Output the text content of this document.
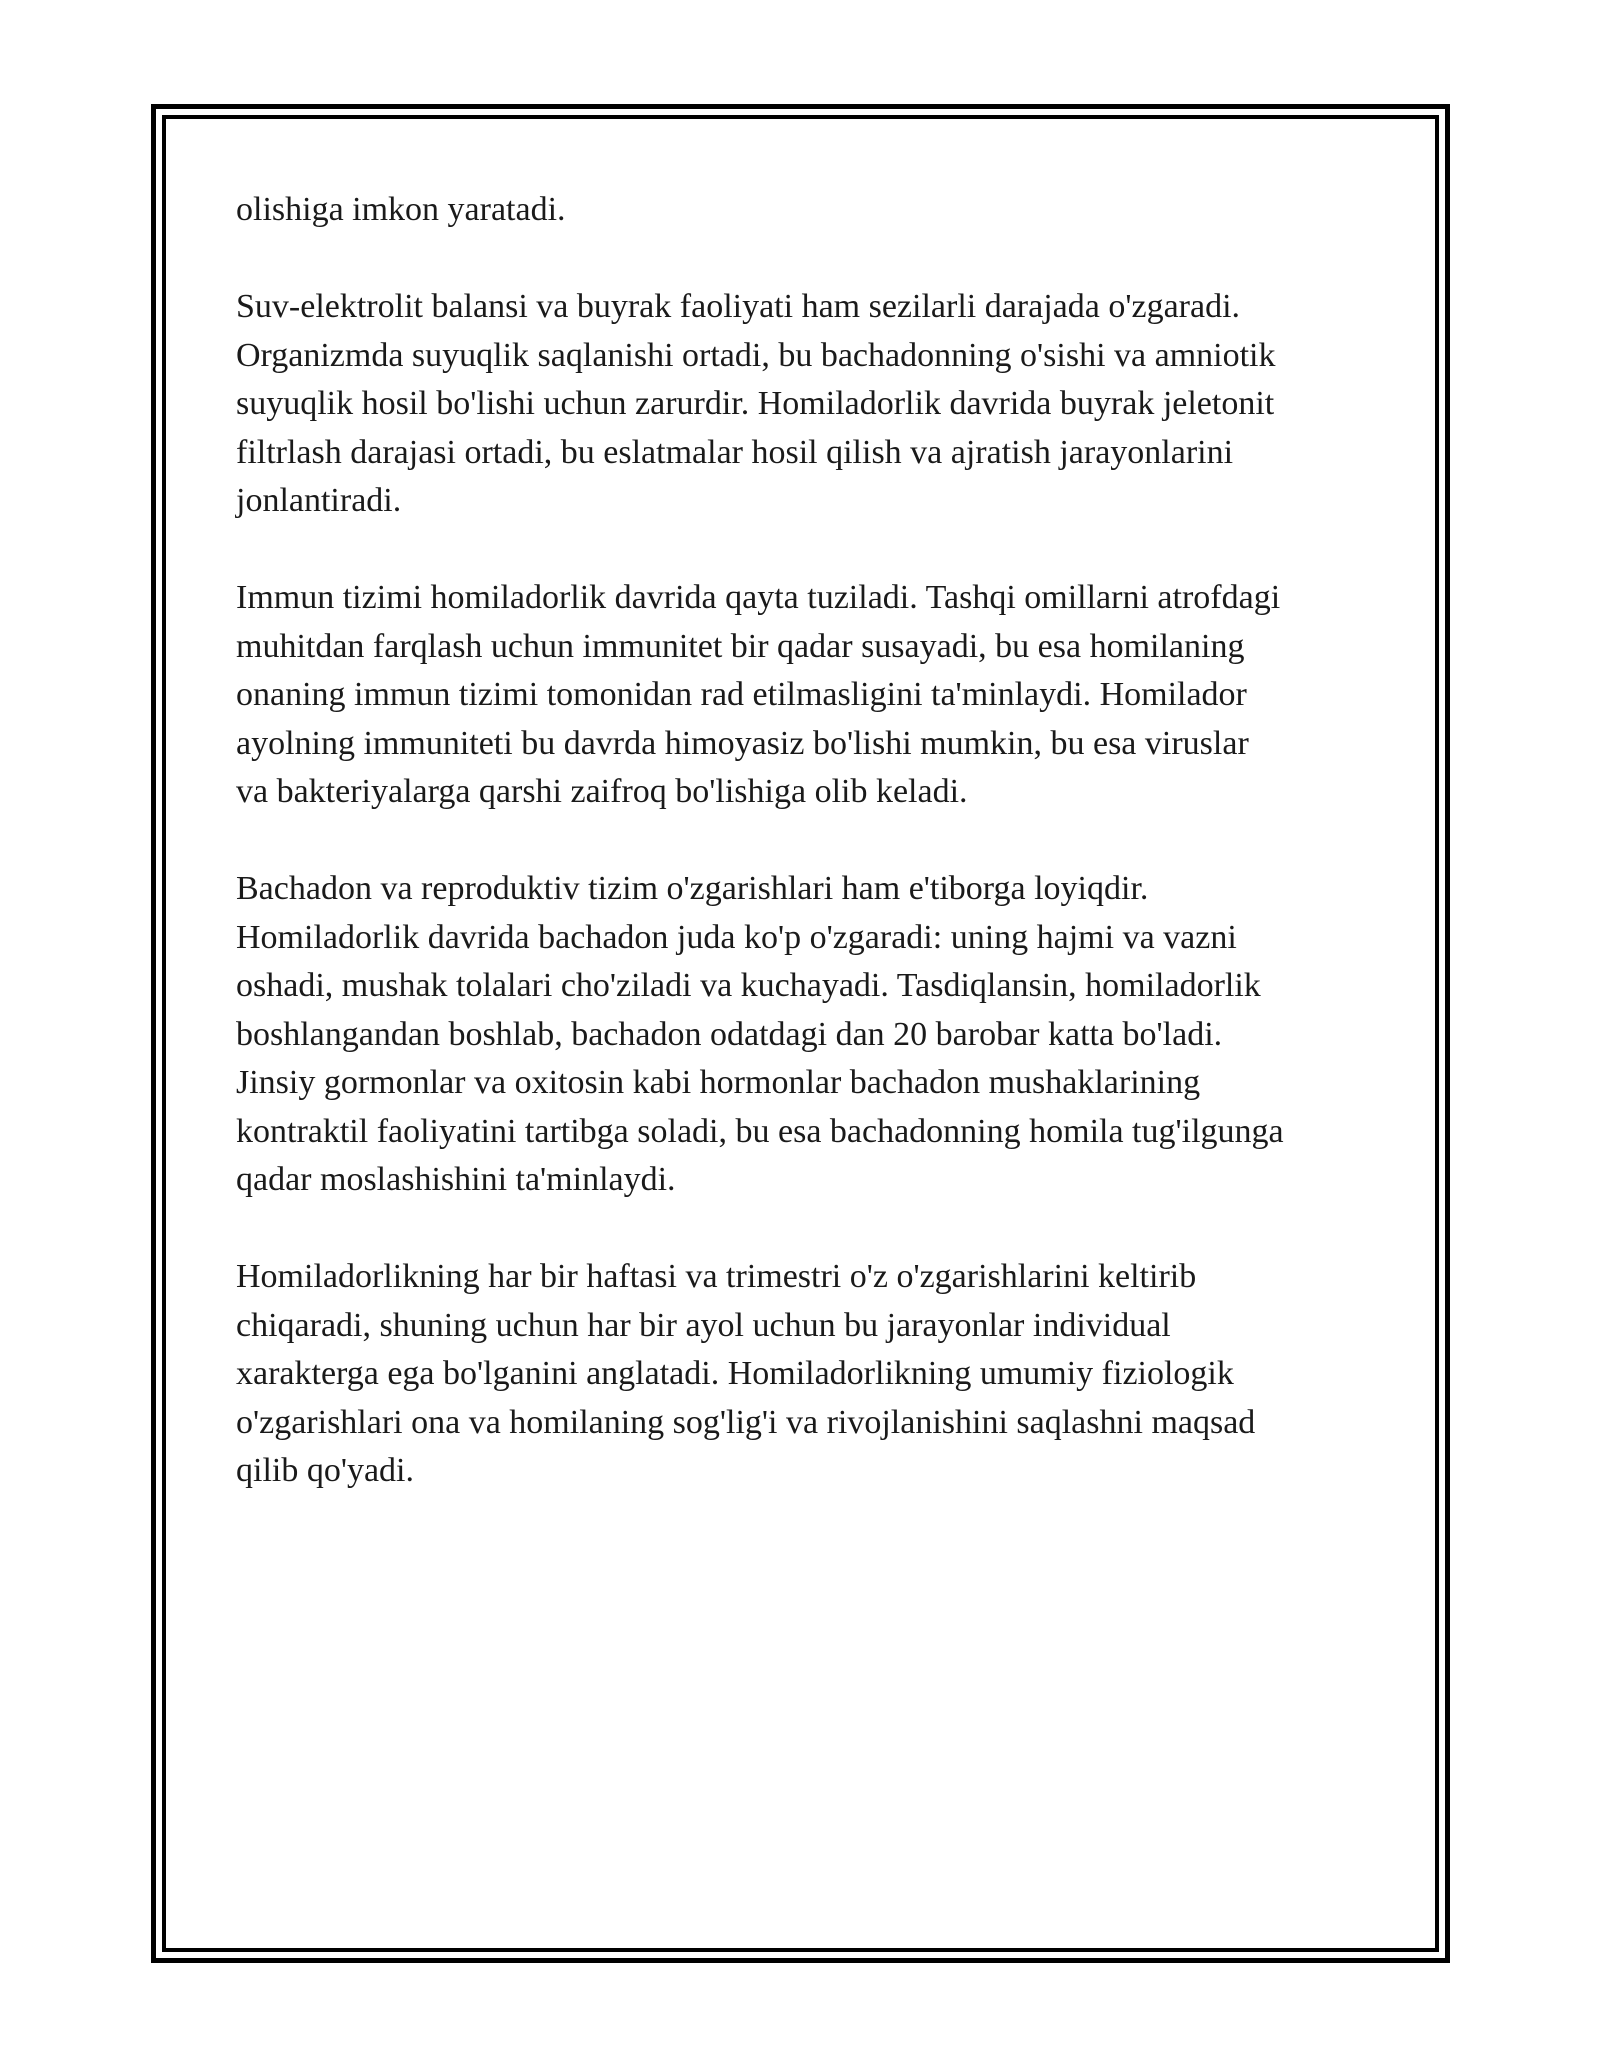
olishiga imkon yaratadi.

Suv-elektrolit balansi va buyrak faoliyati ham sezilarli darajada o'zgaradi.
Organizmda suyuqlik saqlanishi ortadi, bu bachadonning o'sishi va amniotik
suyuqlik hosil bo'lishi uchun zarurdir. Homiladorlik davrida buyrak jeletonit
filtrlash darajasi ortadi, bu eslatmalar hosil qilish va ajratish jarayonlarini
jonlantiradi.

Immun tizimi homiladorlik davrida qayta tuziladi. Tashqi omillarni atrofdagi
muhitdan farqlash uchun immunitet bir qadar susayadi, bu esa homilaning
onaning immun tizimi tomonidan rad etilmasligini ta'minlaydi. Homilador
ayolning immuniteti bu davrda himoyasiz bo'lishi mumkin, bu esa viruslar
va bakteriyalarga qarshi zaifroq bo'lishiga olib keladi.

Bachadon va reproduktiv tizim o'zgarishlari ham e'tiborga loyiqdir.
Homiladorlik davrida bachadon juda ko'p o'zgaradi: uning hajmi va vazni
oshadi, mushak tolalari cho'ziladi va kuchayadi. Tasdiqlansin, homiladorlik
boshlangandan boshlab, bachadon odatdagi dan 20 barobar katta bo'ladi.
Jinsiy gormonlar va oxitosin kabi hormonlar bachadon mushaklarining
kontraktil faoliyatini tartibga soladi, bu esa bachadonning homila tug'ilgunga
qadar moslashishini ta'minlaydi.

Homiladorlikning har bir haftasi va trimestri o'z o'zgarishlarini keltirib
chiqaradi, shuning uchun har bir ayol uchun bu jarayonlar individual
xarakterga ega bo'lganini anglatadi. Homiladorlikning umumiy fiziologik
o'zgarishlari ona va homilaning sog'lig'i va rivojlanishini saqlashni maqsad
qilib qo'yadi.
